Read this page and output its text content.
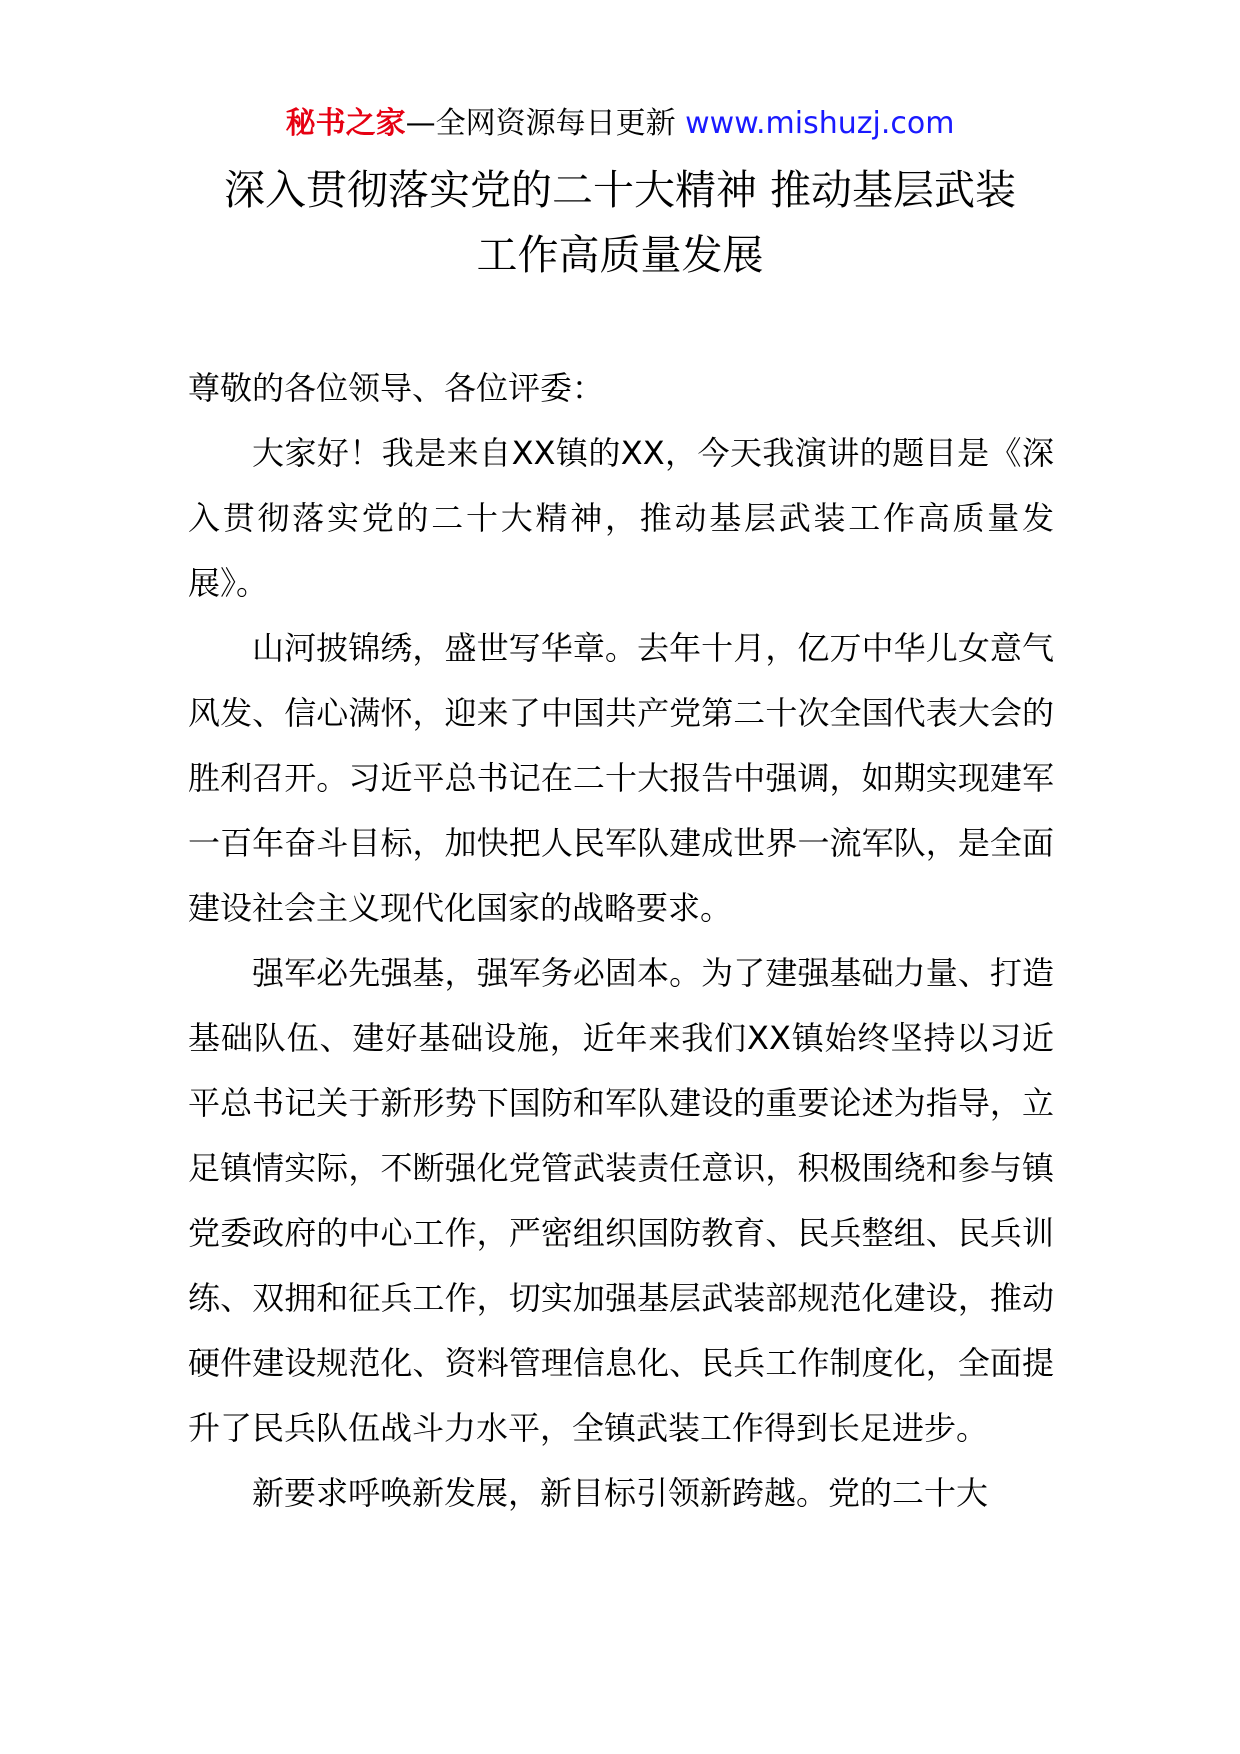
秘书之家—全网资源每日更新 www.mishuzj.com
深入贯彻落实党的二十大精神 推动基层武装
工作高质量发展

尊敬的各位领导、各位评委：

大家好！我是来自XX镇的XX，今天我演讲的题目是《深入贯彻落实党的二十大精神，推动基层武装工作高质量发展》。

山河披锦绣，盛世写华章。去年十月，亿万中华儿女意气风发、信心满怀，迎来了中国共产党第二十次全国代表大会的胜利召开。习近平总书记在二十大报告中强调，如期实现建军一百年奋斗目标，加快把人民军队建成世界一流军队，是全面建设社会主义现代化国家的战略要求。

强军必先强基，强军务必固本。为了建强基础力量、打造基础队伍、建好基础设施，近年来我们XX镇始终坚持以习近平总书记关于新形势下国防和军队建设的重要论述为指导，立足镇情实际，不断强化党管武装责任意识，积极围绕和参与镇党委政府的中心工作，严密组织国防教育、民兵整组、民兵训练、双拥和征兵工作，切实加强基层武装部规范化建设，推动硬件建设规范化、资料管理信息化、民兵工作制度化，全面提升了民兵队伍战斗力水平，全镇武装工作得到长足进步。

新要求呼唤新发展，新目标引领新跨越。党的二十大
